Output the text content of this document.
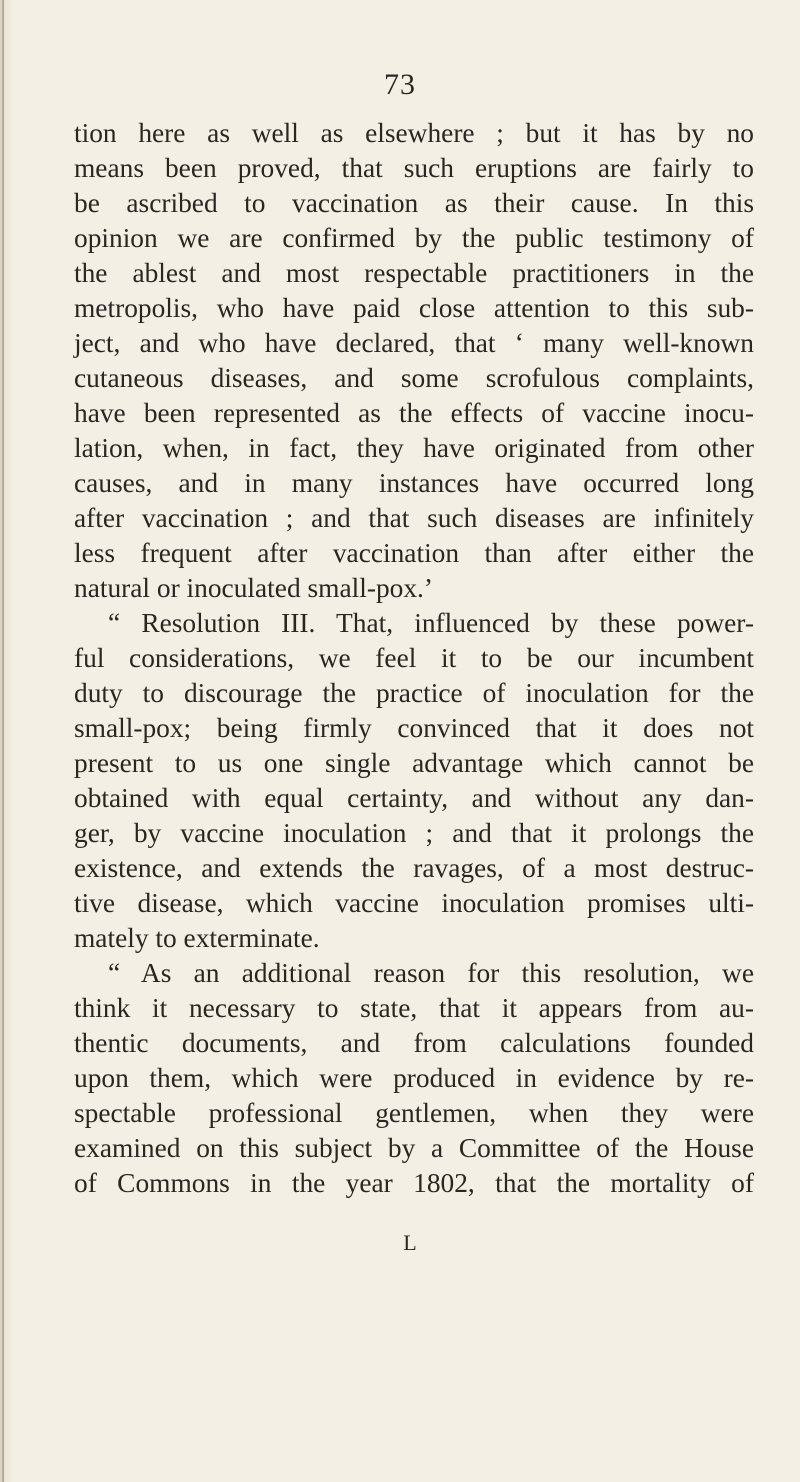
73
tion here as well as elsewhere ; but it has by no
means been proved, that such eruptions are fairly to
be ascribed to vaccination as their cause. In this
opinion we are confirmed by the public testimony of
the ablest and most respectable practitioners in the
metropolis, who have paid close attention to this sub-
ject, and who have declared, that ‘ many well-known
cutaneous diseases, and some scrofulous complaints,
have been represented as the effects of vaccine inocu-
lation, when, in fact, they have originated from other
causes, and in many instances have occurred long
after vaccination ; and that such diseases are infinitely
less frequent after vaccination than after either the
natural or inoculated small-pox.’
“ Resolution III. That, influenced by these power-
ful considerations, we feel it to be our incumbent
duty to discourage the practice of inoculation for the
small-pox; being firmly convinced that it does not
present to us one single advantage which cannot be
obtained with equal certainty, and without any dan-
ger, by vaccine inoculation ; and that it prolongs the
existence, and extends the ravages, of a most destruc-
tive disease, which vaccine inoculation promises ulti-
mately to exterminate.
“ As an additional reason for this resolution, we
think it necessary to state, that it appears from au-
thentic documents, and from calculations founded
upon them, which were produced in evidence by re-
spectable professional gentlemen, when they were
examined on this subject by a Committee of the House
of Commons in the year 1802, that the mortality of
L
